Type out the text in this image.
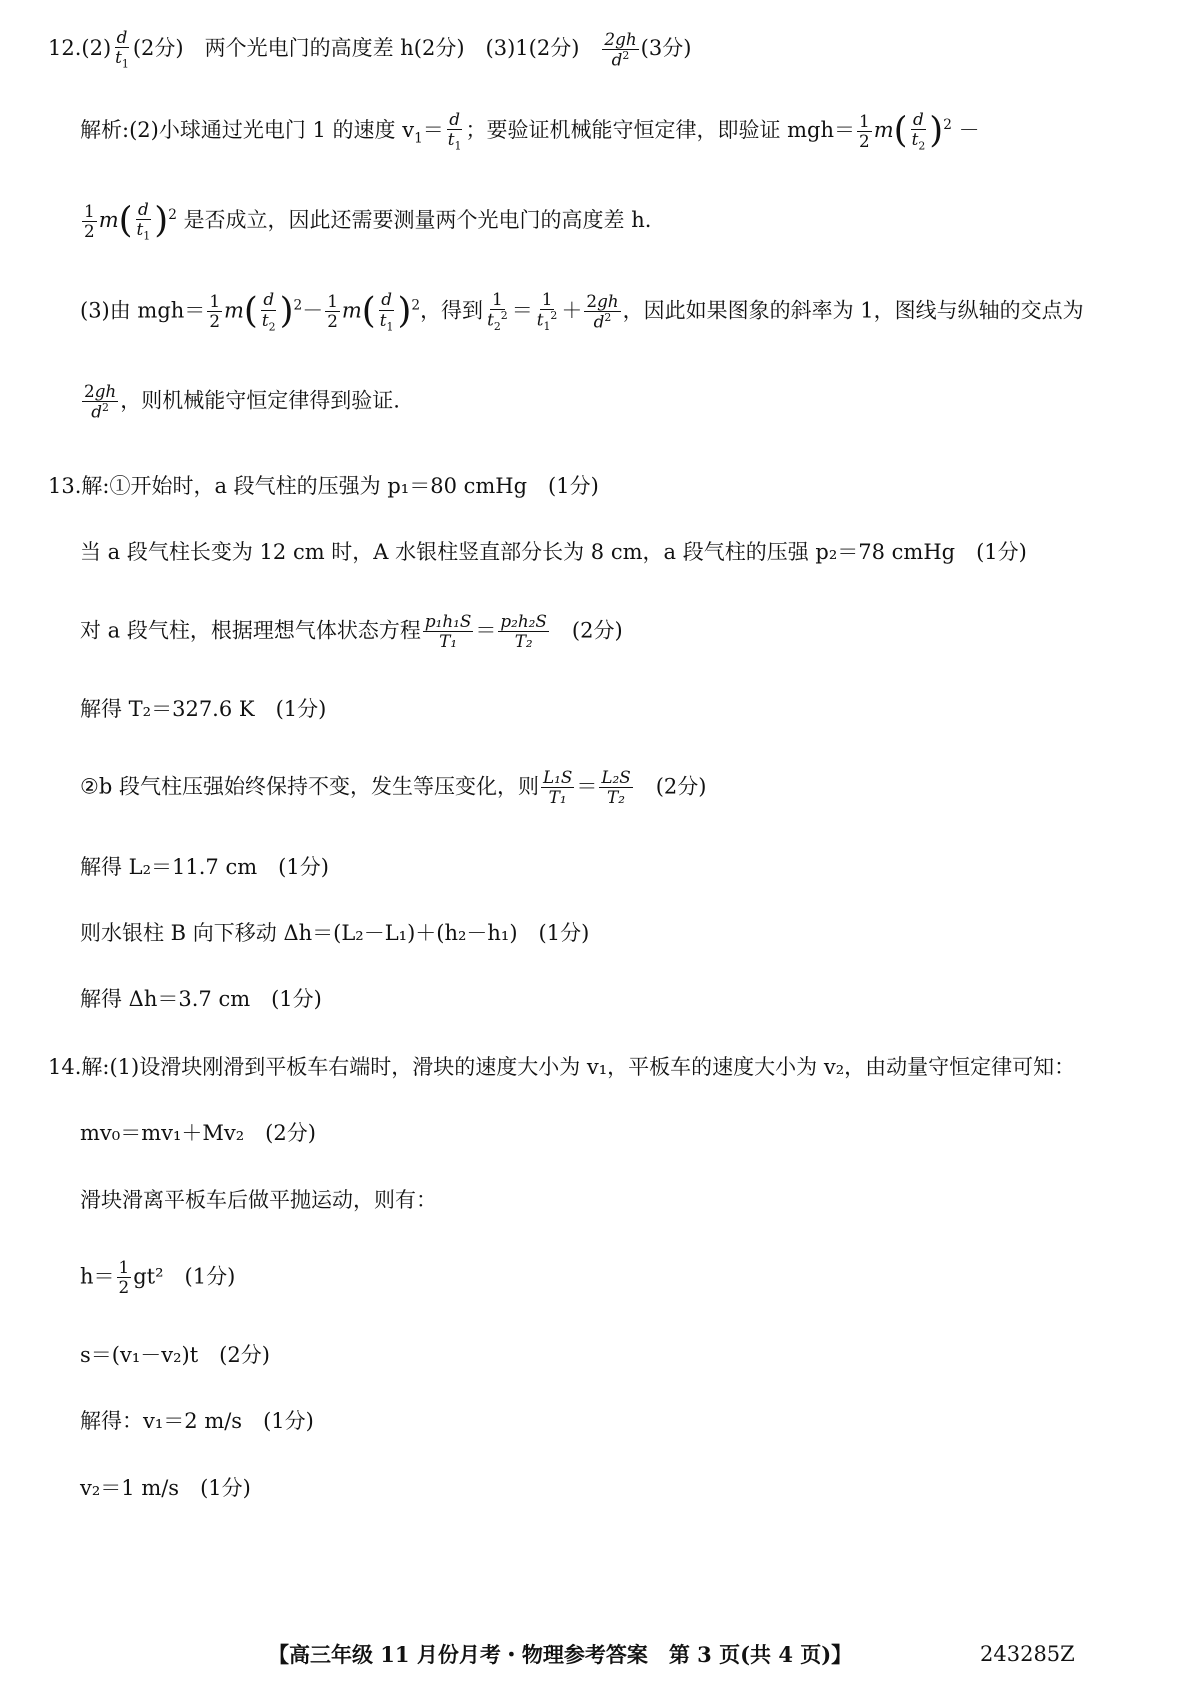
$12.(2) \frac{d}{t_1} (2$分)　两个光电门的高度差 h(2分)　(3)1(2分)　 $\frac{2gh}{d^2} (3$分)
解析:(2)小球通过光电门 1 的速度 $v_1= \frac{d}{t_1}$ ；要验证机械能守恒定律，即验证 $mgh= \frac{1}{2} m( \frac{d}{t_2} )^2$ －
$\frac{1}{2} m( \frac{d}{t_1} )^2$ 是否成立，因此还需要测量两个光电门的高度差 h.
(3)由 $mgh= \frac{1}{2} m( \frac{d}{t_2} )^2- \frac{1}{2} m( \frac{d}{t_1} )^2$，得到 $\frac{1}{t_2^2} = \frac{1}{t_1^2} + \frac{2gh}{d^2}$ ，因此如果图象的斜率为 1，图线与纵轴的交点为
$\frac{2gh}{d^2}$ ，则机械能守恒定律得到验证.
13.解:①开始时，a 段气柱的压强为 p₁＝80 cmHg　(1分)
当 a 段气柱长变为 12 cm 时，A 水银柱竖直部分长为 8 cm，a 段气柱的压强 p₂＝78 cmHg　(1分)
对 a 段气柱，根据理想气体状态方程 $\frac{\text{p₁h₁S}}{\text{T₁}} = \frac{\text{p₂h₂S}}{\text{T₂}}$ 　(2分)
解得 T₂＝327.6 K　(1分)
②b 段气柱压强始终保持不变，发生等压变化，则 $\frac{\text{L₁S}}{\text{T₁}} = \frac{\text{L₂S}}{\text{T₂}}$ 　(2分)
解得 L₂＝11.7 cm　(1分)
则水银柱 B 向下移动 Δh＝(L₂－L₁)＋(h₂－h₁)　(1分)
解得 Δh＝3.7 cm　(1分)
14.解:(1)设滑块刚滑到平板车右端时，滑块的速度大小为 v₁，平板车的速度大小为 v₂，由动量守恒定律可知：
mv₀＝mv₁＋Mv₂　(2分)
滑块滑离平板车后做平抛运动，则有：
$h= \frac{1}{2} gt^2$　(1分)
s＝(v₁－v₂)t　(2分)
解得：v₁＝2 m/s　(1分)
v₂＝1 m/s　(1分)
【高三年级 11 月份月考・物理参考答案　第 3 页(共 4 页)】	243285Z
